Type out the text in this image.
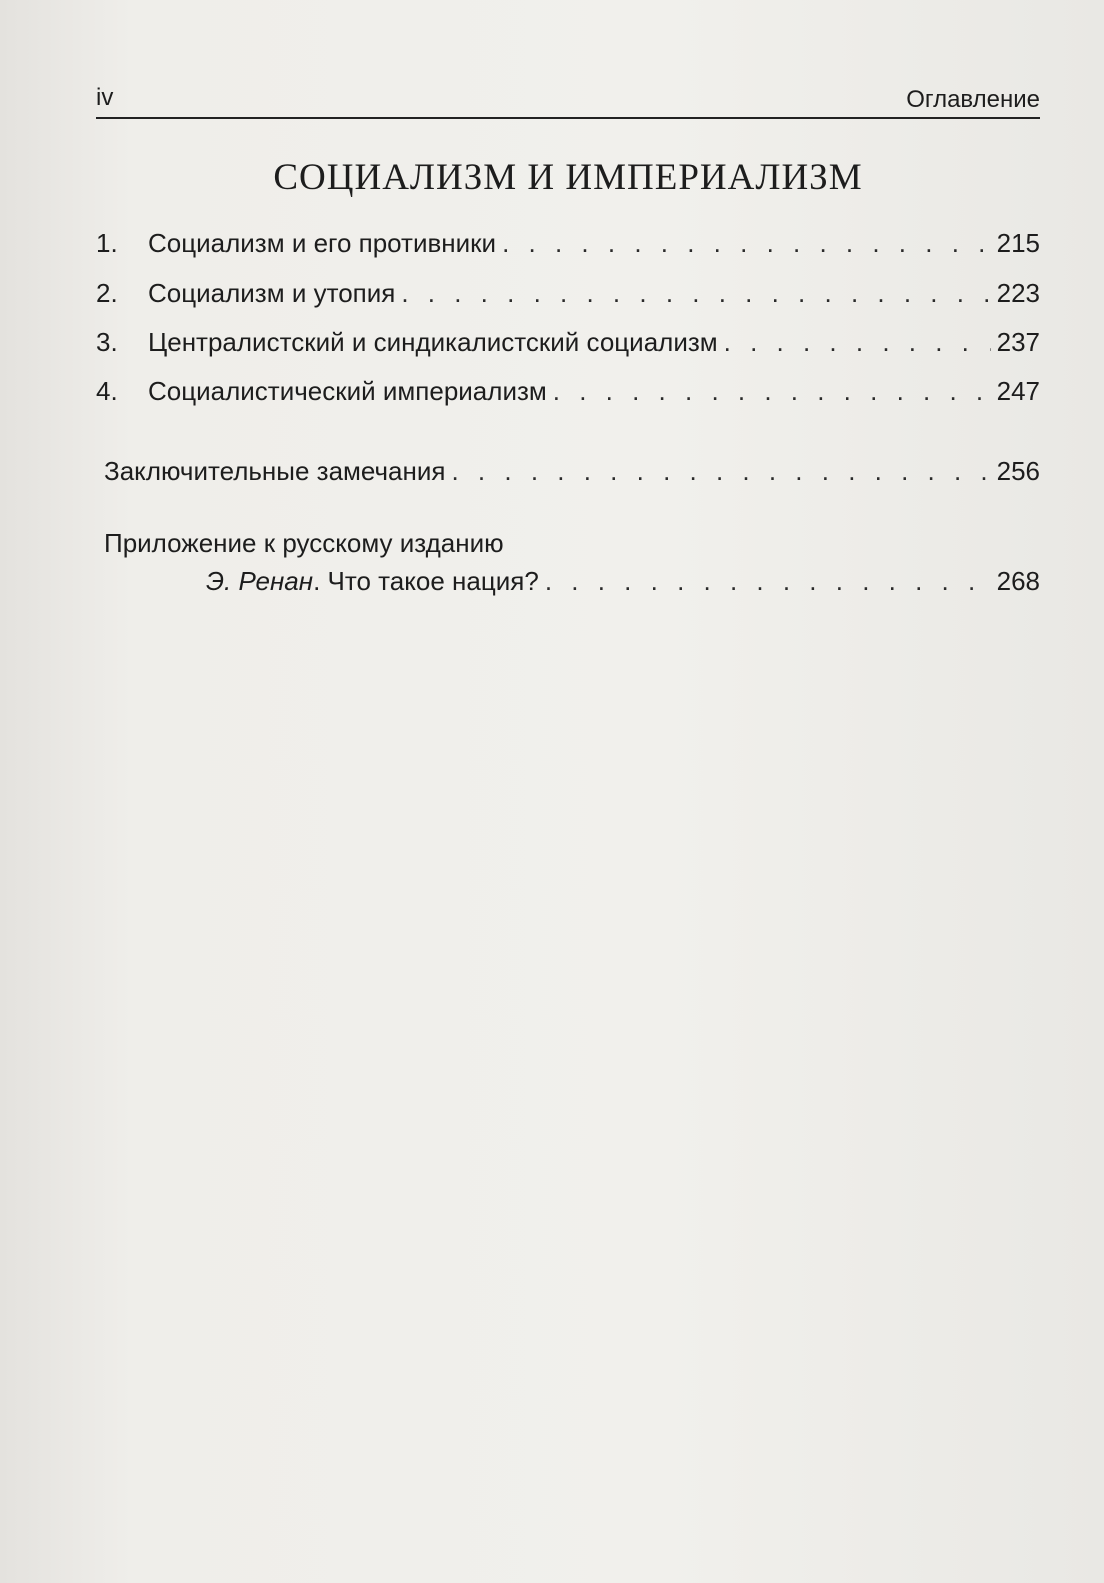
iv	Оглавление
СОЦИАЛИЗМ И ИМПЕРИАЛИЗМ
1.	Социализм и его противники . . .	215
2.	Социализм и утопия . . .	223
3.	Централистский и синдикалистский социализм . . .	237
4.	Социалистический империализм . . .	247
Заключительные замечания . . .	256
Приложение к русскому изданию
Э. Ренан. Что такое нация? . . .	268
